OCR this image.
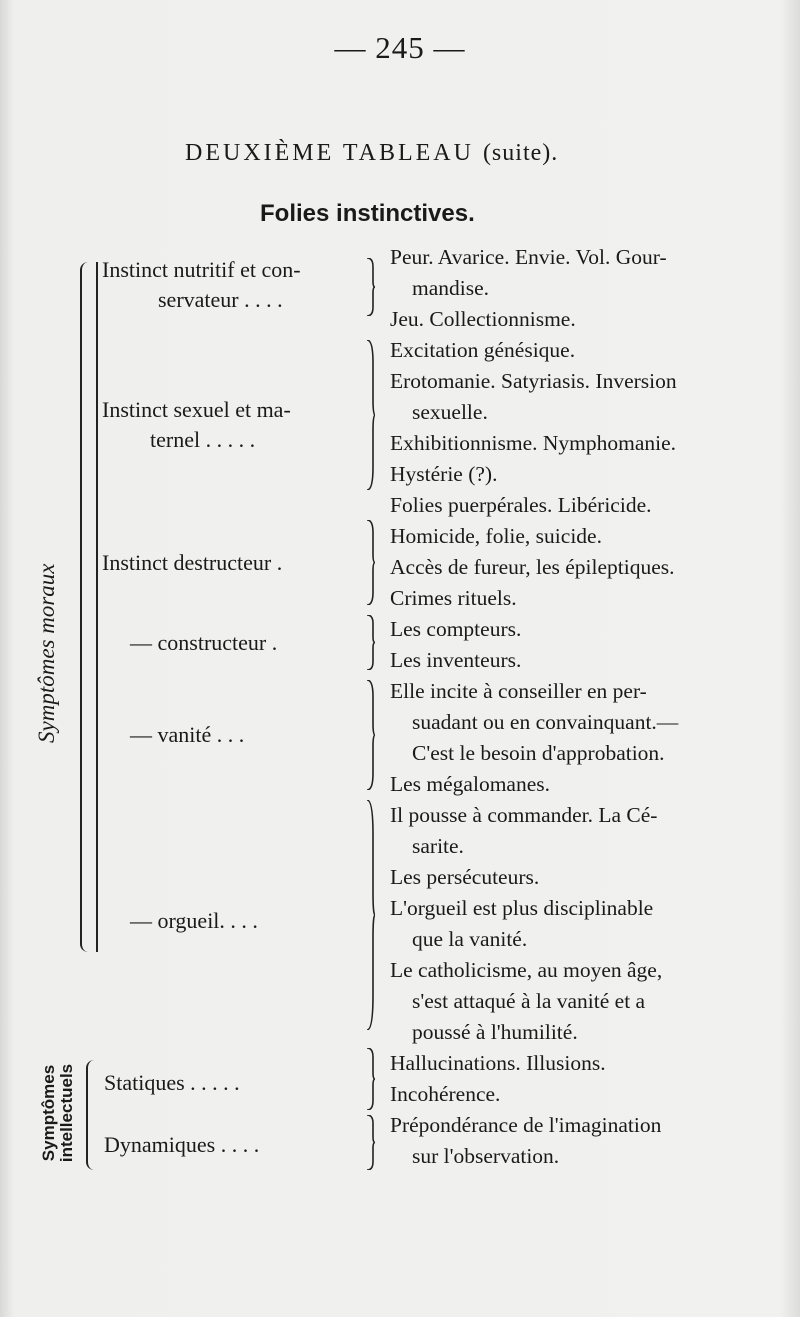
— 245 —
DEUXIÈME TABLEAU (suite).
Folies instinctives.
Symptômes moraux
Symptômes intellectuels
Instinct nutritif et con-
servateur . . . .
Instinct sexuel et ma-
ternel . . . . .
Instinct destructeur .
— constructeur .
— vanité . . .
— orgueil. . . .
Statiques . . . . .
Dynamiques . . . .
Peur. Avarice. Envie. Vol. Gour-
mandise.
Jeu. Collectionnisme.
Excitation génésique.
Erotomanie. Satyriasis. Inversion
sexuelle.
Exhibitionnisme. Nymphomanie.
Hystérie (?).
Folies puerpérales. Libéricide.
Homicide, folie, suicide.
Accès de fureur, les épileptiques.
Crimes rituels.
Les compteurs.
Les inventeurs.
Elle incite à conseiller en per-
suadant ou en convainquant.—
C'est le besoin d'approbation.
Les mégalomanes.
Il pousse à commander. La Cé-
sarite.
Les persécuteurs.
L'orgueil est plus disciplinable
que la vanité.
Le catholicisme, au moyen âge,
s'est attaqué à la vanité et a
poussé à l'humilité.
Hallucinations. Illusions.
Incohérence.
Prépondérance de l'imagination
sur l'observation.
